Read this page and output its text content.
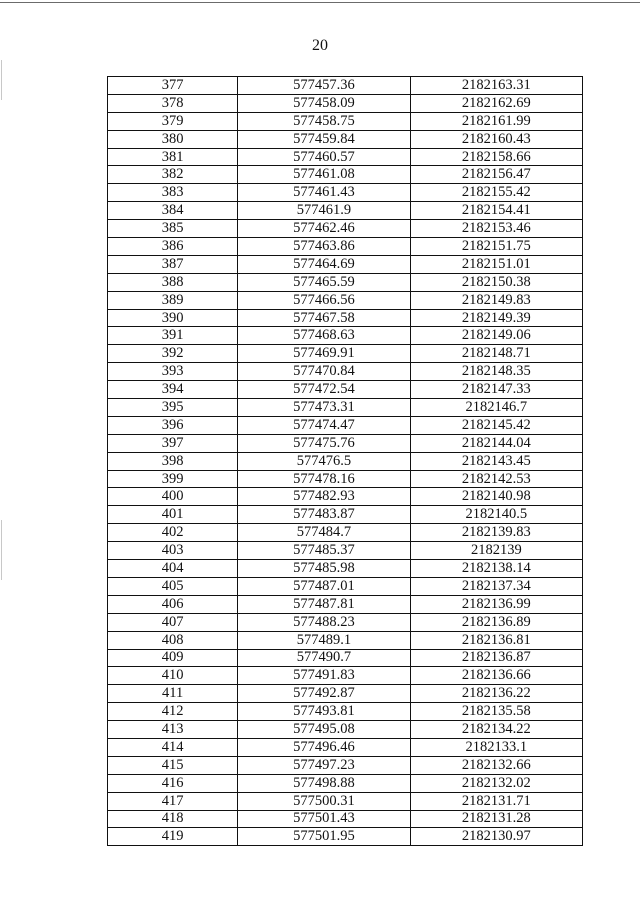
20
377	577457.36	2182163.31
378	577458.09	2182162.69
379	577458.75	2182161.99
380	577459.84	2182160.43
381	577460.57	2182158.66
382	577461.08	2182156.47
383	577461.43	2182155.42
384	577461.9	2182154.41
385	577462.46	2182153.46
386	577463.86	2182151.75
387	577464.69	2182151.01
388	577465.59	2182150.38
389	577466.56	2182149.83
390	577467.58	2182149.39
391	577468.63	2182149.06
392	577469.91	2182148.71
393	577470.84	2182148.35
394	577472.54	2182147.33
395	577473.31	2182146.7
396	577474.47	2182145.42
397	577475.76	2182144.04
398	577476.5	2182143.45
399	577478.16	2182142.53
400	577482.93	2182140.98
401	577483.87	2182140.5
402	577484.7	2182139.83
403	577485.37	2182139
404	577485.98	2182138.14
405	577487.01	2182137.34
406	577487.81	2182136.99
407	577488.23	2182136.89
408	577489.1	2182136.81
409	577490.7	2182136.87
410	577491.83	2182136.66
411	577492.87	2182136.22
412	577493.81	2182135.58
413	577495.08	2182134.22
414	577496.46	2182133.1
415	577497.23	2182132.66
416	577498.88	2182132.02
417	577500.31	2182131.71
418	577501.43	2182131.28
419	577501.95	2182130.97
